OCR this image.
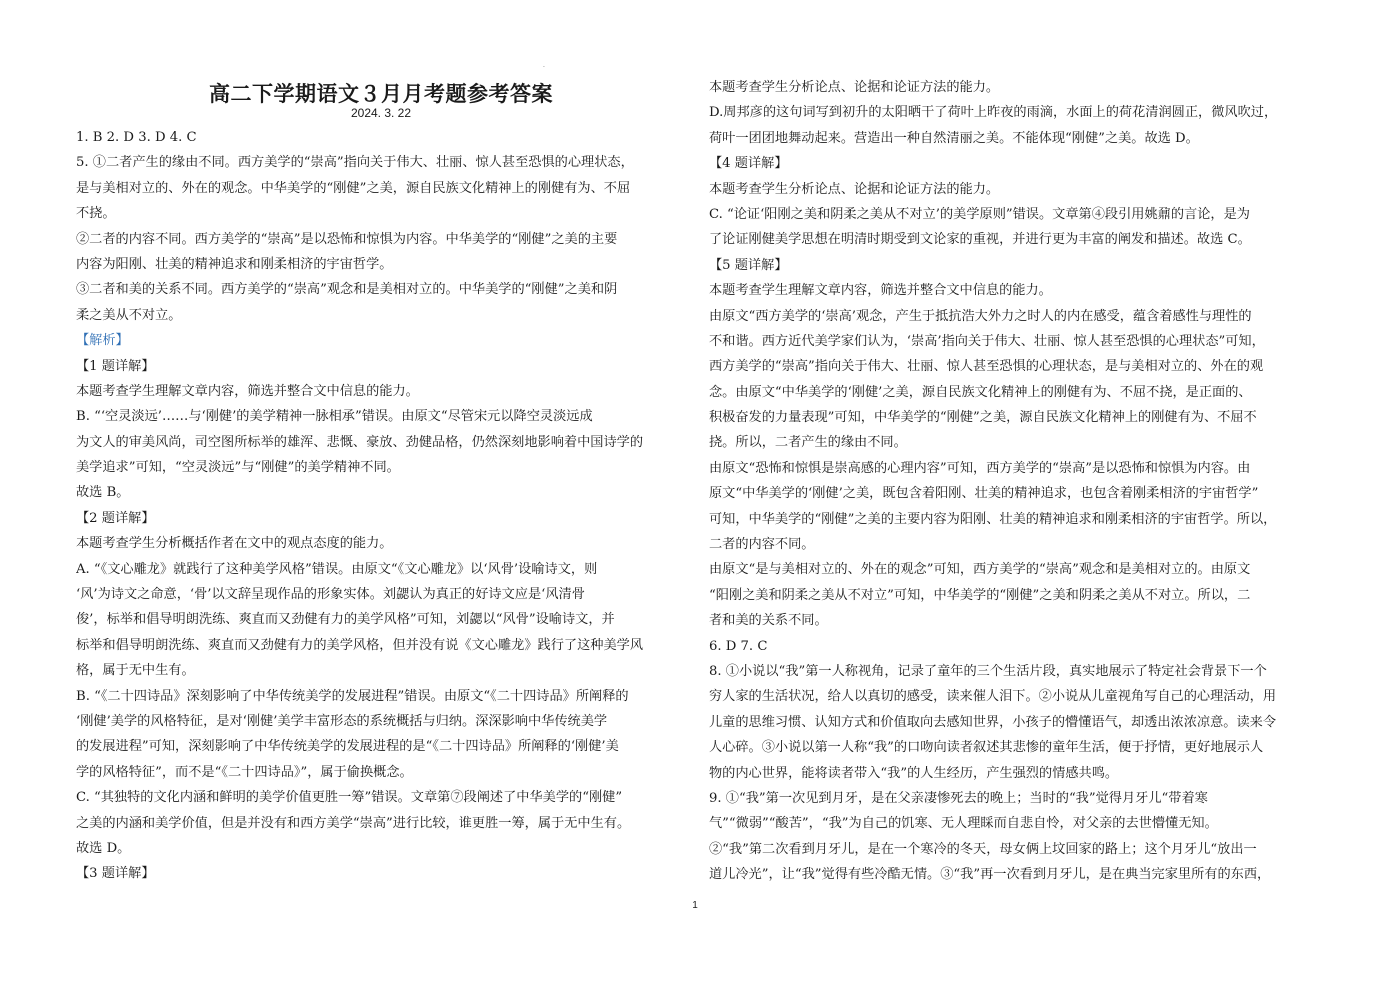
.
高二下学期语文３月月考题参考答案
2024. 3. 22
1. B 2. D 3. D 4. C
5. ①二者产生的缘由不同。西方美学的“崇高”指向关于伟大、壮丽、惊人甚至恐惧的心理状态，
是与美相对立的、外在的观念。中华美学的“刚健”之美，源自民族文化精神上的刚健有为、不屈
不挠。
②二者的内容不同。西方美学的“崇高”是以恐怖和惊惧为内容。中华美学的“刚健”之美的主要
内容为阳刚、壮美的精神追求和刚柔相济的宇宙哲学。
③二者和美的关系不同。西方美学的“崇高”观念和是美相对立的。中华美学的“刚健”之美和阴
柔之美从不对立。
【解析】
【1 题详解】
本题考查学生理解文章内容，筛选并整合文中信息的能力。
B. “‘空灵淡远’……与‘刚健’的美学精神一脉相承”错误。由原文“尽管宋元以降空灵淡远成
为文人的审美风尚，司空图所标举的雄浑、悲慨、豪放、劲健品格，仍然深刻地影响着中国诗学的
美学追求”可知，“空灵淡远”与“刚健”的美学精神不同。
故选 B。
【2 题详解】
本题考查学生分析概括作者在文中的观点态度的能力。
A. “《文心雕龙》就践行了这种美学风格”错误。由原文“《文心雕龙》以‘风骨’设喻诗文，则
‘风’为诗文之命意，‘骨’以文辞呈现作品的形象实体。刘勰认为真正的好诗文应是‘风清骨
俊’，标举和倡导明朗洗练、爽直而又劲健有力的美学风格”可知，刘勰以“风骨”设喻诗文，并
标举和倡导明朗洗练、爽直而又劲健有力的美学风格，但并没有说《文心雕龙》践行了这种美学风
格，属于无中生有。
B. “《二十四诗品》深刻影响了中华传统美学的发展进程”错误。由原文“《二十四诗品》所阐释的
‘刚健’美学的风格特征，是对‘刚健’美学丰富形态的系统概括与归纳。深深影响中华传统美学
的发展进程”可知，深刻影响了中华传统美学的发展进程的是“《二十四诗品》所阐释的‘刚健’美
学的风格特征”，而不是“《二十四诗品》”，属于偷换概念。
C. “其独特的文化内涵和鲜明的美学价值更胜一筹”错误。文章第⑦段阐述了中华美学的“刚健”
之美的内涵和美学价值，但是并没有和西方美学“崇高”进行比较，谁更胜一筹，属于无中生有。
故选 D。
【3 题详解】
本题考查学生分析论点、论据和论证方法的能力。
D.周邦彦的这句词写到初升的太阳晒干了荷叶上昨夜的雨滴，水面上的荷花清润圆正，微风吹过，
荷叶一团团地舞动起来。营造出一种自然清丽之美。不能体现“刚健”之美。故选 D。
【4 题详解】
本题考查学生分析论点、论据和论证方法的能力。
C. “论证‘阳刚之美和阴柔之美从不对立’的美学原则”错误。文章第④段引用姚鼐的言论，是为
了论证刚健美学思想在明清时期受到文论家的重视，并进行更为丰富的阐发和描述。故选 C。
【5 题详解】
本题考查学生理解文章内容，筛选并整合文中信息的能力。
由原文“西方美学的‘崇高’观念，产生于抵抗浩大外力之时人的内在感受，蕴含着感性与理性的
不和谐。西方近代美学家们认为，‘崇高’指向关于伟大、壮丽、惊人甚至恐惧的心理状态”可知，
西方美学的“崇高”指向关于伟大、壮丽、惊人甚至恐惧的心理状态，是与美相对立的、外在的观
念。由原文“中华美学的‘刚健’之美，源自民族文化精神上的刚健有为、不屈不挠，是正面的、
积极奋发的力量表现”可知，中华美学的“刚健”之美，源自民族文化精神上的刚健有为、不屈不
挠。所以，二者产生的缘由不同。
由原文“恐怖和惊惧是崇高感的心理内容”可知，西方美学的“崇高”是以恐怖和惊惧为内容。由
原文“中华美学的‘刚健’之美，既包含着阳刚、壮美的精神追求，也包含着刚柔相济的宇宙哲学”
可知，中华美学的“刚健”之美的主要内容为阳刚、壮美的精神追求和刚柔相济的宇宙哲学。所以，
二者的内容不同。
由原文“是与美相对立的、外在的观念”可知，西方美学的“崇高”观念和是美相对立的。由原文
“阳刚之美和阴柔之美从不对立”可知，中华美学的“刚健”之美和阴柔之美从不对立。所以，二
者和美的关系不同。
6. D 7. C
8. ①小说以“我”第一人称视角，记录了童年的三个生活片段，真实地展示了特定社会背景下一个
穷人家的生活状况，给人以真切的感受，读来催人泪下。②小说从儿童视角写自己的心理活动，用
儿童的思维习惯、认知方式和价值取向去感知世界，小孩子的懵懂语气，却透出浓浓凉意。读来令
人心碎。③小说以第一人称“我”的口吻向读者叙述其悲惨的童年生活，便于抒情，更好地展示人
物的内心世界，能将读者带入“我”的人生经历，产生强烈的情感共鸣。
9. ①“我”第一次见到月牙，是在父亲凄惨死去的晚上；当时的“我”觉得月牙儿“带着寒
气”“微弱”“酸苦”，“我”为自己的饥寒、无人理睬而自悲自怜，对父亲的去世懵懂无知。
②“我”第二次看到月牙儿，是在一个寒冷的冬天，母女俩上坟回家的路上；这个月牙儿“放出一
道儿冷光”，让“我”觉得有些冷酷无情。③“我”再一次看到月牙儿，是在典当完家里所有的东西，
1
